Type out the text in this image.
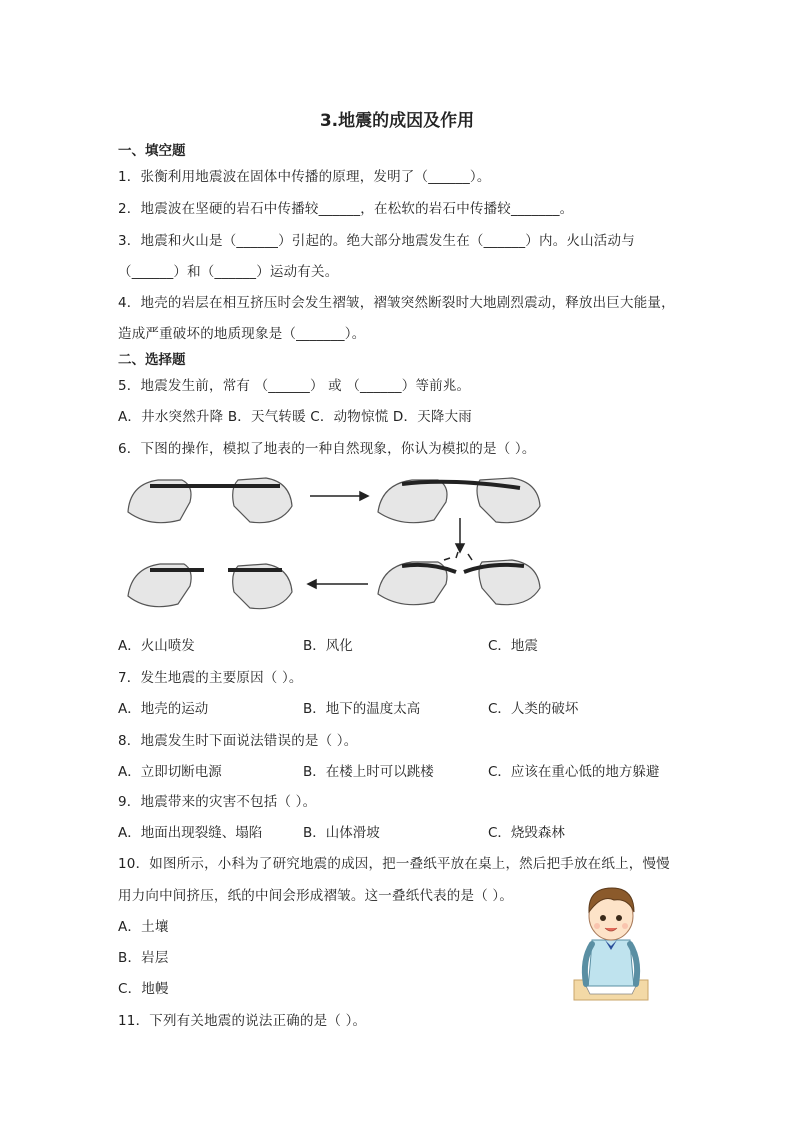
3.地震的成因及作用
一、填空题
1．张衡利用地震波在固体中传播的原理，发明了（______）。
2．地震波在坚硬的岩石中传播较______，在松软的岩石中传播较_______。
3．地震和火山是（______）引起的。绝大部分地震发生在（______）内。火山活动与
（______）和（______）运动有关。
4．地壳的岩层在相互挤压时会发生褶皱，褶皱突然断裂时大地剧烈震动，释放出巨大能量，
造成严重破坏的地质现象是（_______）。
二、选择题
5．地震发生前，常有 （______） 或 （______）等前兆。
A．井水突然升降 B．天气转暖 C．动物惊慌 D．天降大雨
6．下图的操作，模拟了地表的一种自然现象，你认为模拟的是（ ）。
A．火山喷发	B．风化	C．地震
7．发生地震的主要原因（ ）。
A．地壳的运动	B．地下的温度太高	C．人类的破坏
8．地震发生时下面说法错误的是（ ）。
A．立即切断电源	B．在楼上时可以跳楼	C．应该在重心低的地方躲避
9．地震带来的灾害不包括（ ）。
A．地面出现裂缝、塌陷	B．山体滑坡	C．烧毁森林
10．如图所示，小科为了研究地震的成因，把一叠纸平放在桌上，然后把手放在纸上，慢慢
用力向中间挤压，纸的中间会形成褶皱。这一叠纸代表的是（ ）。
A．土壤
B．岩层
C．地幔
11．下列有关地震的说法正确的是（ ）。
